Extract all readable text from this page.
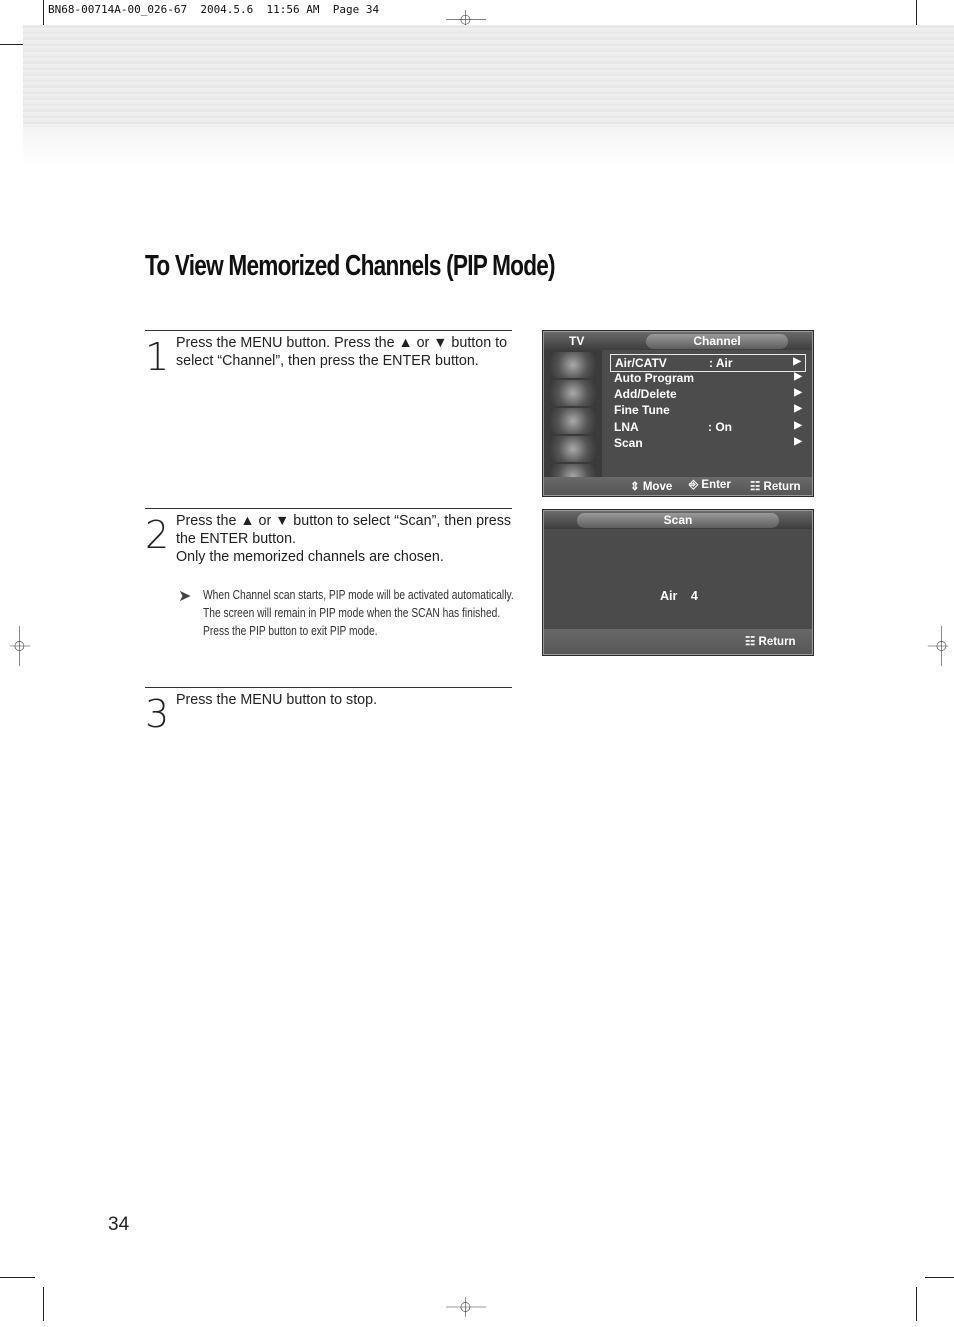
BN68-00714A-00_026-67  2004.5.6  11:56 AM  Page 34
To View Memorized Channels (PIP Mode)
1 Press the MENU button. Press the ▲ or ▼ button to
select “Channel”, then press the ENTER button.
2 Press the ▲ or ▼ button to select “Scan”, then press
the ENTER button.
Only the memorized channels are chosen.
➤ When Channel scan starts, PIP mode will be activated automatically.
The screen will remain in PIP mode when the SCAN has finished.
Press the PIP button to exit PIP mode.
3 Press the MENU button to stop.
TV	Channel
Air/CATV	: Air	▶
Auto Program	▶
Add/Delete	▶
Fine Tune	▶
LNA	: On	▶
Scan	▶
⇕ Move ⎆ Enter ☷ Return
Scan
Air 4
☷ Return
34
